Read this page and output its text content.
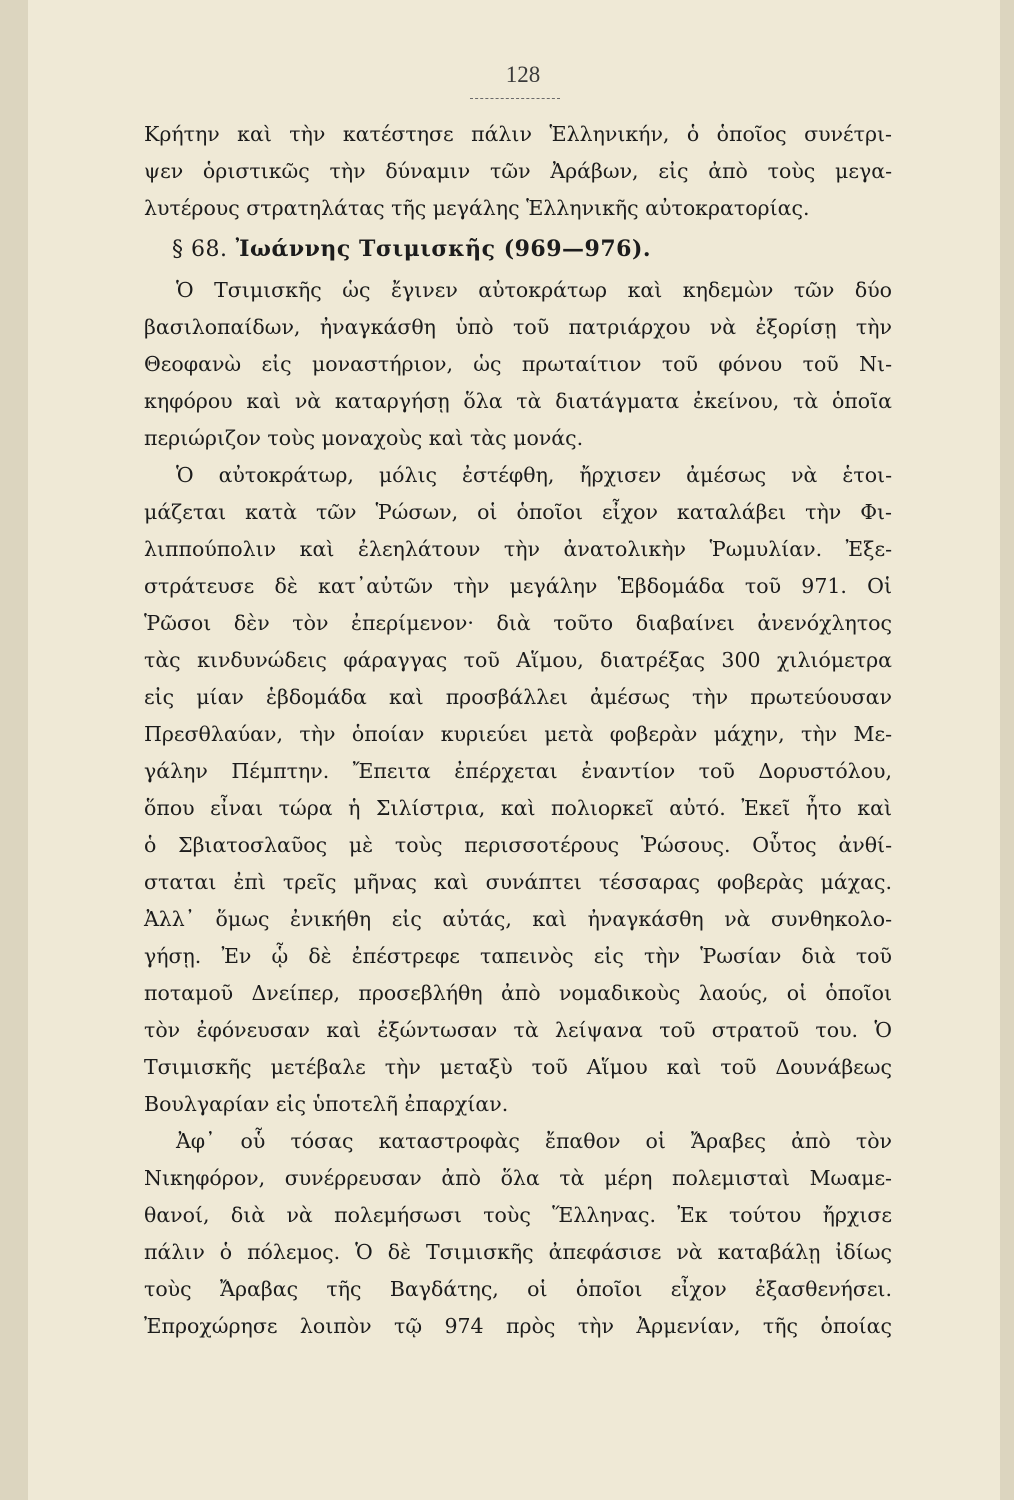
128
Κρήτην καὶ τὴν κατέστησε πάλιν Ἑλληνικήν, ὁ ὁποῖος συνέτρι-
ψεν ὁριστικῶς τὴν δύναμιν τῶν Ἀράβων, εἰς ἀπὸ τοὺς μεγα-
λυτέρους στρατηλάτας τῆς μεγάλης Ἑλληνικῆς αὐτοκρατορίας.
§ 68. Ἰωάννης Τσιμισκῆς (969—976).
Ὁ Τσιμισκῆς ὡς ἔγινεν αὐτοκράτωρ καὶ κηδεμὼν τῶν δύο
βασιλοπαίδων, ἠναγκάσθη ὑπὸ τοῦ πατριάρχου νὰ ἐξορίσῃ τὴν
Θεοφανὼ εἰς μοναστήριον, ὡς πρωταίτιον τοῦ φόνου τοῦ Νι-
κηφόρου καὶ νὰ καταργήσῃ ὅλα τὰ διατάγματα ἐκείνου, τὰ ὁποῖα
περιώριζον τοὺς μοναχοὺς καὶ τὰς μονάς.
Ὁ αὐτοκράτωρ, μόλις ἐστέφθη, ἤρχισεν ἀμέσως νὰ ἑτοι-
μάζεται κατὰ τῶν Ῥώσων, οἱ ὁποῖοι εἶχον καταλάβει τὴν Φι-
λιππούπολιν καὶ ἐλεηλάτουν τὴν ἀνατολικὴν Ῥωμυλίαν. Ἐξε-
στράτευσε δὲ κατ᾿αὐτῶν τὴν μεγάλην Ἑβδομάδα τοῦ 971. Οἱ
Ῥῶσοι δὲν τὸν ἐπερίμενον· διὰ τοῦτο διαβαίνει ἀνενόχλητος
τὰς κινδυνώδεις φάραγγας τοῦ Αἵμου, διατρέξας 300 χιλιόμετρα
εἰς μίαν ἑβδομάδα καὶ προσβάλλει ἀμέσως τὴν πρωτεύουσαν
Πρεσθλαύαν, τὴν ὁποίαν κυριεύει μετὰ φοβερὰν μάχην, τὴν Με-
γάλην Πέμπτην. Ἔπειτα ἐπέρχεται ἐναντίον τοῦ Δορυστόλου,
ὅπου εἶναι τώρα ἡ Σιλίστρια, καὶ πολιορκεῖ αὐτό. Ἐκεῖ ἦτο καὶ
ὁ Σβιατοσλαῦος μὲ τοὺς περισσοτέρους Ῥώσους. Οὗτος ἀνθί-
σταται ἐπὶ τρεῖς μῆνας καὶ συνάπτει τέσσαρας φοβερὰς μάχας.
Ἀλλ᾿ ὅμως ἐνικήθη εἰς αὐτάς, καὶ ἠναγκάσθη νὰ συνθηκολο-
γήσῃ. Ἐν ᾧ δὲ ἐπέστρεφε ταπεινὸς εἰς τὴν Ῥωσίαν διὰ τοῦ
ποταμοῦ Δνείπερ, προσεβλήθη ἀπὸ νομαδικοὺς λαούς, οἱ ὁποῖοι
τὸν ἐφόνευσαν καὶ ἐξώντωσαν τὰ λείψανα τοῦ στρατοῦ του. Ὁ
Τσιμισκῆς μετέβαλε τὴν μεταξὺ τοῦ Αἵμου καὶ τοῦ Δουνάβεως
Βουλγαρίαν εἰς ὑποτελῆ ἐπαρχίαν.
Ἀφ᾿ οὗ τόσας καταστροφὰς ἔπαθον οἱ Ἄραβες ἀπὸ τὸν
Νικηφόρον, συνέρρευσαν ἀπὸ ὅλα τὰ μέρη πολεμισταὶ Μωαμε-
θανοί, διὰ νὰ πολεμήσωσι τοὺς Ἕλληνας. Ἐκ τούτου ἤρχισε
πάλιν ὁ πόλεμος. Ὁ δὲ Τσιμισκῆς ἀπεφάσισε νὰ καταβάλῃ ἰδίως
τοὺς Ἄραβας τῆς Βαγδάτης, οἱ ὁποῖοι εἶχον ἐξασθενήσει.
Ἐπροχώρησε λοιπὸν τῷ 974 πρὸς τὴν Ἀρμενίαν, τῆς ὁποίας
